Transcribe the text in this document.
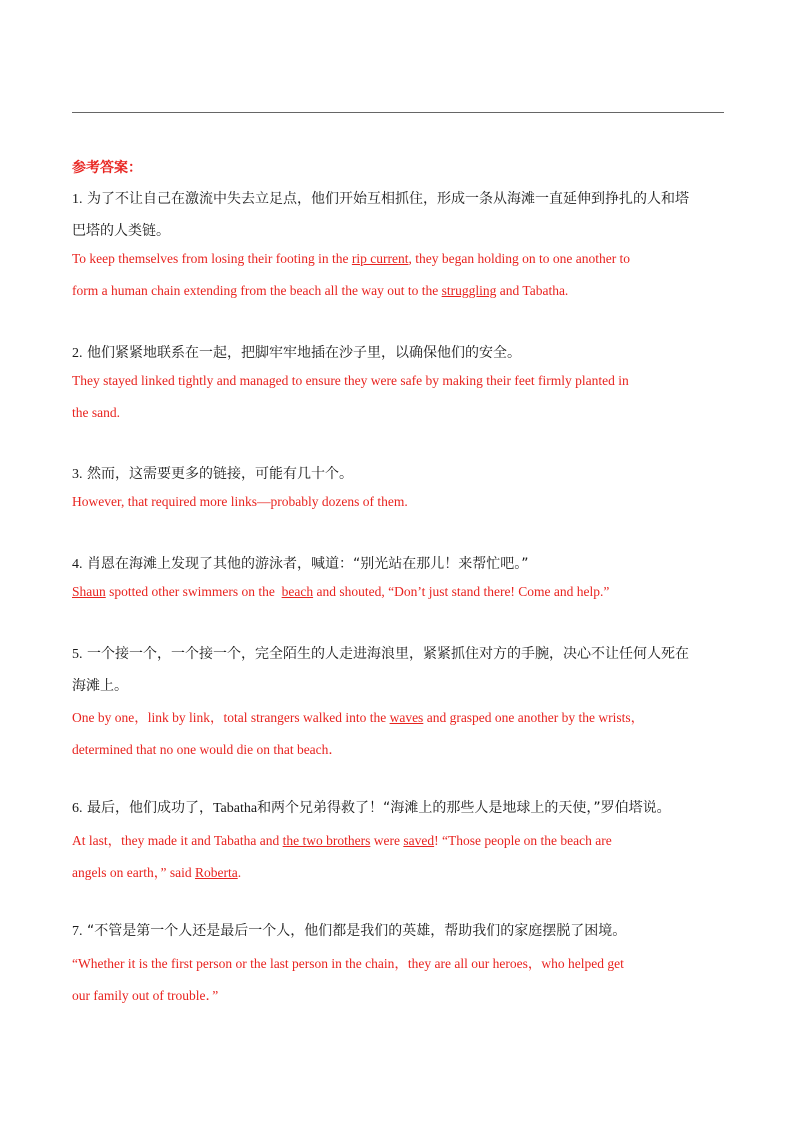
参考答案：
1. 为了不让自己在激流中失去立足点，他们开始互相抓住，形成一条从海滩一直延伸到挣扎的人和塔
巴塔的人类链。
To keep themselves from losing their footing in the rip current, they began holding on to one another to
form a human chain extending from the beach all the way out to the struggling and Tabatha.
2. 他们紧紧地联系在一起，把脚牢牢地插在沙子里，以确保他们的安全。
They stayed linked tightly and managed to ensure they were safe by making their feet firmly planted in
the sand.
3. 然而，这需要更多的链接，可能有几十个。
However, that required more links—probably dozens of them.
4. 肖恩在海滩上发现了其他的游泳者，喊道：“别光站在那儿！来帮忙吧。”
Shaun spotted other swimmers on the  beach and shouted, “Don’t just stand there! Come and help.”
5. 一个接一个，一个接一个，完全陌生的人走进海浪里，紧紧抓住对方的手腕，决心不让任何人死在
海滩上。
One by one，link by link，total strangers walked into the waves and grasped one another by the wrists，
determined that no one would die on that beach．
6. 最后，他们成功了，Tabatha和两个兄弟得救了！“海滩上的那些人是地球上的天使，”罗伯塔说。
At last，they made it and Tabatha and the two brothers were saved! “Those people on the beach are
angels on earth，” said Roberta.
7. “不管是第一个人还是最后一个人，他们都是我们的英雄，帮助我们的家庭摆脱了困境。
“Whether it is the first person or the last person in the chain，they are all our heroes，who helped get
our family out of trouble．”
